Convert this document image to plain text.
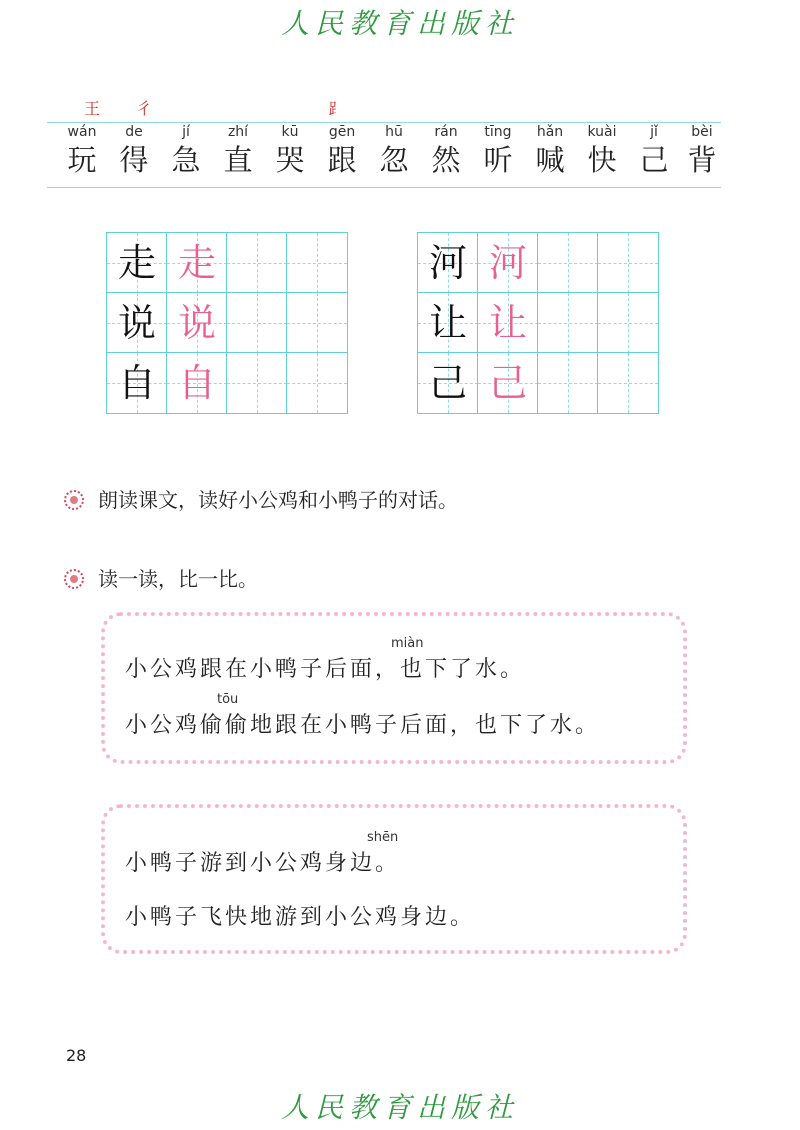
人民教育出版社
王 彳	⻊
wán
玩
de
得
jí
急
zhí
直
kū
哭
gēn
跟
hū
忽
rán
然
tīng
听
hǎn
喊
kuài
快
jǐ
己
bèi
背
走 走
说 说
自 自
河 河
让 让
己 己
朗读课文，读好小公鸡和小鸭子的对话。
读一读，比一比。
miàn
小公鸡跟在小鸭子后面，也下了水。
tōu
小公鸡偷偷地跟在小鸭子后面，也下了水。
shēn
小鸭子游到小公鸡身边。
小鸭子飞快地游到小公鸡身边。
28
人民教育出版社
